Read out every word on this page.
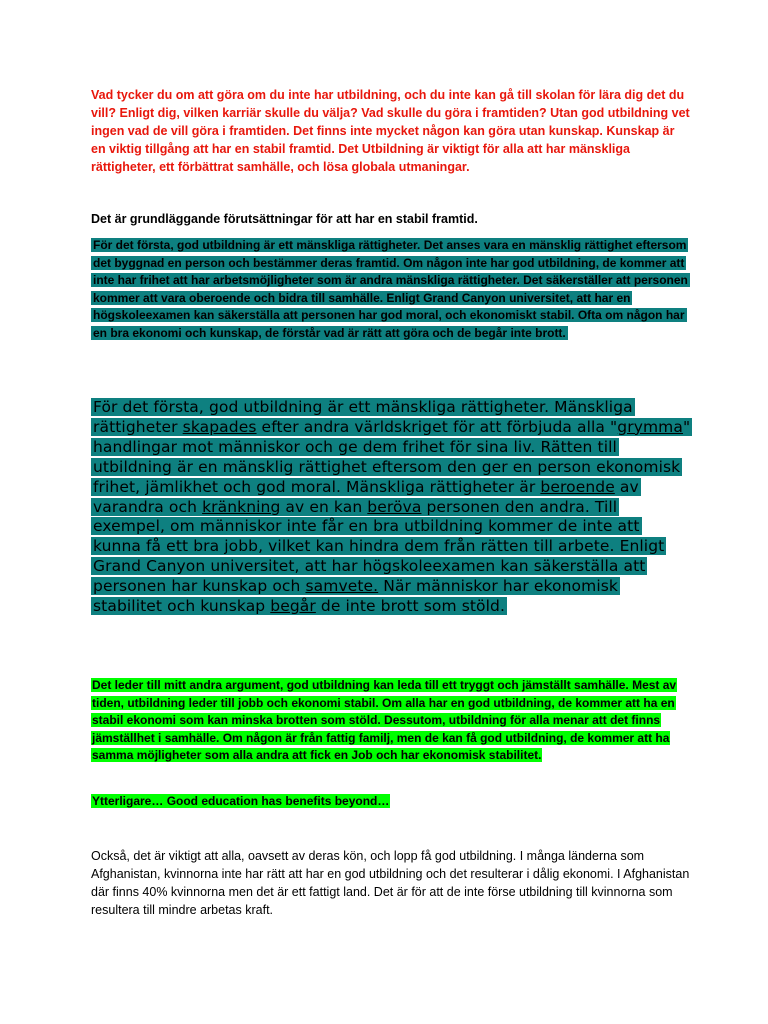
Vad tycker du om att göra om du inte har utbildning, och du inte kan gå till skolan för lära dig det du vill? Enligt dig, vilken karriär skulle du välja? Vad skulle du göra i framtiden? Utan god utbildning vet ingen vad de vill göra i framtiden. Det finns inte mycket någon kan göra utan kunskap. Kunskap är en viktig tillgång att har en stabil framtid. Det Utbildning är viktigt för alla att har mänskliga rättigheter, ett förbättrat samhälle, och lösa globala utmaningar.

Det är grundläggande förutsättningar för att har en stabil framtid.

För det första, god utbildning är ett mänskliga rättigheter. Det anses vara en mänsklig rättighet eftersom det byggnad en person och bestämmer deras framtid. Om någon inte har god utbildning, de kommer att inte har frihet att har arbetsmöjligheter som är andra mänskliga rättigheter. Det säkerställer att personen kommer att vara oberoende och bidra till samhälle. Enligt Grand Canyon universitet, att har en högskoleexamen kan säkerställa att personen har god moral, och ekonomiskt stabil. Ofta om någon har en bra ekonomi och kunskap, de förstår vad är rätt att göra och de begår inte brott.

För det första, god utbildning är ett mänskliga rättigheter. Mänskliga rättigheter skapades efter andra världskriget för att förbjuda alla "grymma" handlingar mot människor och ge dem frihet för sina liv. Rätten till utbildning är en mänsklig rättighet eftersom den ger en person ekonomisk frihet, jämlikhet och god moral. Mänskliga rättigheter är beroende av varandra och kränkning av en kan beröva personen den andra. Till exempel, om människor inte får en bra utbildning kommer de inte att kunna få ett bra jobb, vilket kan hindra dem från rätten till arbete. Enligt Grand Canyon universitet, att har högskoleexamen kan säkerställa att personen har kunskap och samvete. När människor har ekonomisk stabilitet och kunskap begår de inte brott som stöld.

Det leder till mitt andra argument, god utbildning kan leda till ett tryggt och jämställt samhälle. Mest av tiden, utbildning leder till jobb och ekonomi stabil. Om alla har en god utbildning, de kommer att ha en stabil ekonomi som kan minska brotten som stöld. Dessutom, utbildning för alla menar att det finns jämställhet i samhälle. Om någon är från fattig familj, men de kan få god utbildning, de kommer att ha samma möjligheter som alla andra att fick en Job och har ekonomisk stabilitet.

Ytterligare… Good education has benefits beyond…

Också, det är viktigt att alla, oavsett av deras kön, och lopp få god utbildning. I många länderna som Afghanistan, kvinnorna inte har rätt att har en god utbildning och det resulterar i dålig ekonomi. I Afghanistan där finns 40% kvinnorna men det är ett fattigt land. Det är för att de inte förse utbildning till kvinnorna som resultera till mindre arbetas kraft.
